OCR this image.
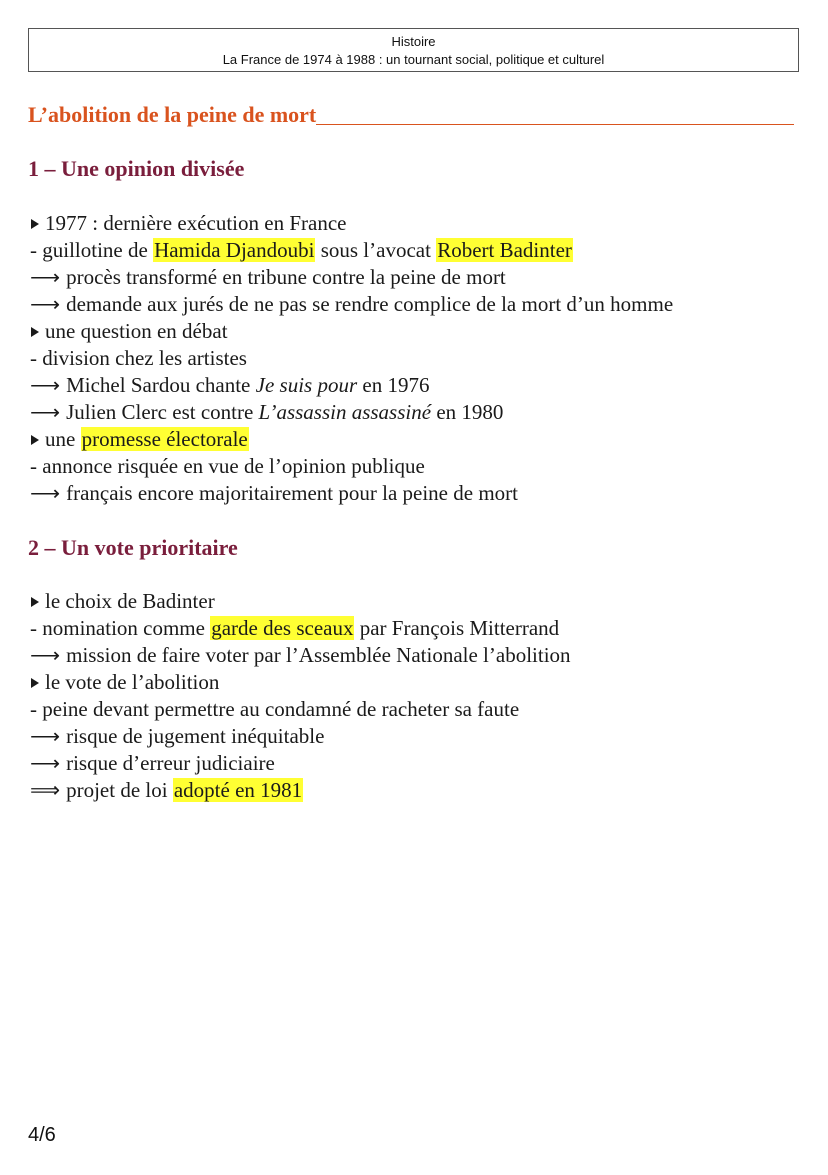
Histoire
La France de 1974 à 1988 : un tournant social, politique et culturel
L’abolition de la peine de mort
1 – Une opinion divisée
1977 : dernière exécution en France
- guillotine de Hamida Djandoubi sous l’avocat Robert Badinter
⟶ procès transformé en tribune contre la peine de mort
⟶ demande aux jurés de ne pas se rendre complice de la mort d’un homme
une question en débat
- division chez les artistes
⟶ Michel Sardou chante Je suis pour en 1976
⟶ Julien Clerc est contre L’assassin assassiné en 1980
une promesse électorale
- annonce risquée en vue de l’opinion publique
⟶ français encore majoritairement pour la peine de mort
2 – Un vote prioritaire
le choix de Badinter
- nomination comme garde des sceaux par François Mitterrand
⟶ mission de faire voter par l’Assemblée Nationale l’abolition
le vote de l’abolition
- peine devant permettre au condamné de racheter sa faute
⟶ risque de jugement inéquitable
⟶ risque d’erreur judiciaire
⟹ projet de loi adopté en 1981
4/6
